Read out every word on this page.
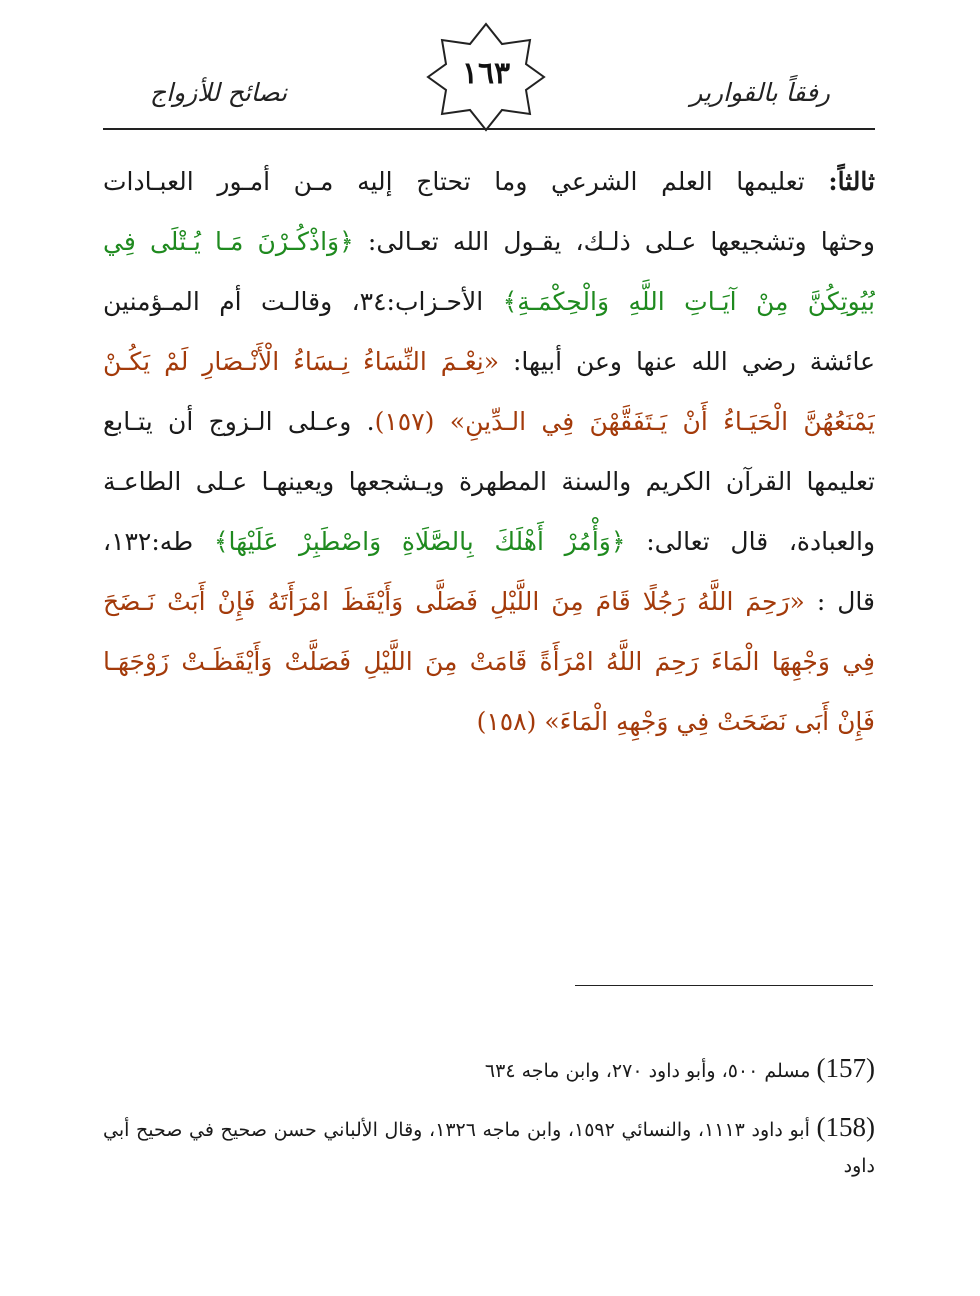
رفقاً بالقوارير
١٦٣
نصائح للأزواج
ثالثاً: تعليمها العلم الشرعي وما تحتاج إليه مـن أمـور العبـادات
وحثها وتشجيعها عـلى ذلـك، يقـول الله تعـالى: ﴿وَاذْكُـرْنَ مَـا يُـتْلَى فِي
بُيُوتِكُنَّ مِنْ آيَـاتِ اللَّهِ وَالْحِكْمَـةِ﴾ الأحـزاب:٣٤، وقالـت أم المـؤمنين
عائشة رضي الله عنها وعن أبيها: «نِعْـمَ النِّسَاءُ نِـسَاءُ الْأَنْـصَارِ لَمْ يَكُـنْ
يَمْنَعُهُنَّ الْحَيَـاءُ أَنْ يَـتَفَقَّهْنَ فِي الـدِّينِ» (١٥٧). وعـلى الـزوج أن يتـابع
تعليمها القرآن الكريم والسنة المطهرة ويـشجعها ويعينهـا عـلى الطاعـة
والعبادة، قال تعالى: ﴿وَأْمُرْ أَهْلَكَ بِالصَّلَاةِ وَاصْطَبِرْ عَلَيْهَا﴾ طه:١٣٢،
قال : «رَحِمَ اللَّهُ رَجُلًا قَامَ مِنَ اللَّيْلِ فَصَلَّى وَأَيْقَظَ امْرَأَتَهُ فَإِنْ أَبَتْ نَـضَحَ
فِي وَجْهِهَا الْمَاءَ رَحِمَ اللَّهُ امْرَأَةً قَامَتْ مِنَ اللَّيْلِ فَصَلَّتْ وَأَيْقَظَـتْ زَوْجَهَـا
فَإِنْ أَبَى نَضَحَتْ فِي وَجْهِهِ الْمَاءَ» (١٥٨)
(157) مسلم ٥٠٠، وأبو داود ٢٧٠، وابن ماجه ٦٣٤
(158) أبو داود ١١١٣، والنسائي ١٥٩٢، وابن ماجه ١٣٢٦، وقال الألباني حسن صحيح في صحيح أبي داود
